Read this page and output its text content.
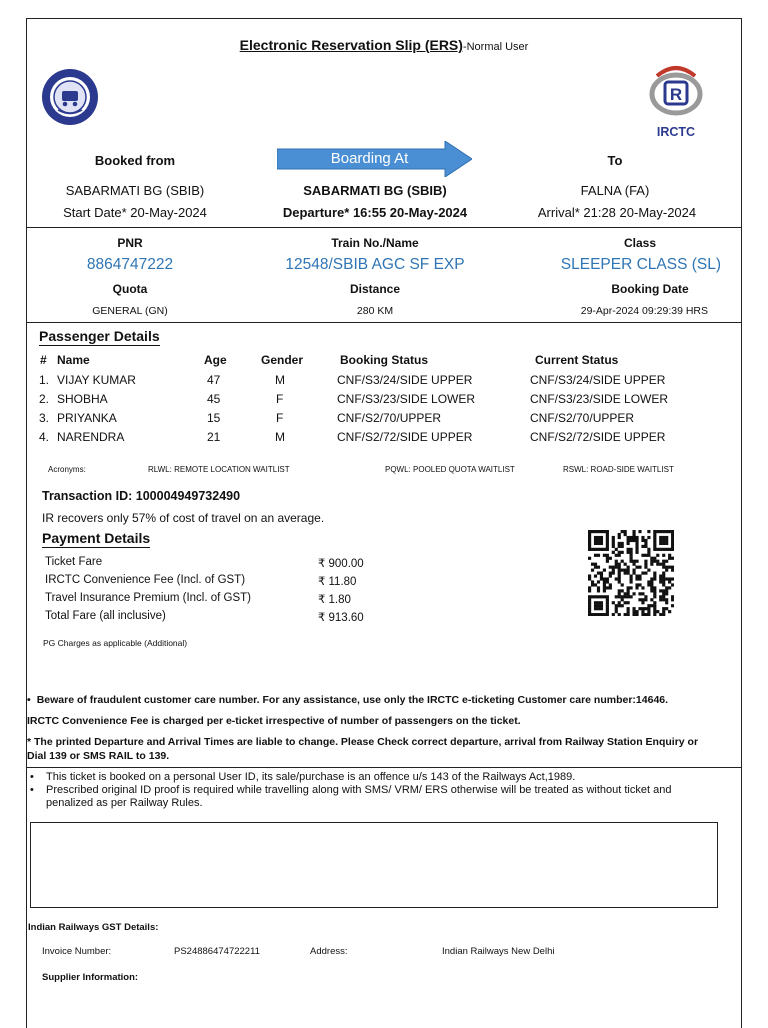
Electronic Reservation Slip (ERS)-Normal User
R
IRCTC
Booked from	Boarding At	To
SABARMATI BG (SBIB)	SABARMATI BG (SBIB)	FALNA (FA)
Start Date* 20-May-2024	Departure* 16:55 20-May-2024	Arrival* 21:28 20-May-2024
PNR	Train No./Name	Class
8864747222	12548/SBIB AGC SF EXP	SLEEPER CLASS (SL)
Quota	Distance	Booking Date
GENERAL (GN)	280 KM	29-Apr-2024 09:29:39 HRS
Passenger Details
# Name	Age	Gender	Booking Status	Current Status
1. VIJAY KUMAR	47	M	CNF/S3/24/SIDE UPPER	CNF/S3/24/SIDE UPPER
2. SHOBHA	45	F	CNF/S3/23/SIDE LOWER	CNF/S3/23/SIDE LOWER
3. PRIYANKA	15	F	CNF/S2/70/UPPER	CNF/S2/70/UPPER
4. NARENDRA	21	M	CNF/S2/72/SIDE UPPER	CNF/S2/72/SIDE UPPER
Acronyms:	RLWL: REMOTE LOCATION WAITLIST	PQWL: POOLED QUOTA WAITLIST	RSWL: ROAD-SIDE WAITLIST
Transaction ID: 100004949732490
IR recovers only 57% of cost of travel on an average.
Payment Details
Ticket Fare	₹ 900.00
IRCTC Convenience Fee (Incl. of GST)	₹ 11.80
Travel Insurance Premium (Incl. of GST)	₹ 1.80
Total Fare (all inclusive)	₹ 913.60
PG Charges as applicable (Additional)
• Beware of fraudulent customer care number. For any assistance, use only the IRCTC e-ticketing Customer care number:14646.
IRCTC Convenience Fee is charged per e-ticket irrespective of number of passengers on the ticket.
* The printed Departure and Arrival Times are liable to change. Please Check correct departure, arrival from Railway Station Enquiry or Dial 139 or SMS RAIL to 139.
•	This ticket is booked on a personal User ID, its sale/purchase is an offence u/s 143 of the Railways Act,1989.
•	Prescribed original ID proof is required while travelling along with SMS/ VRM/ ERS otherwise will be treated as without ticket and penalized as per Railway Rules.
Indian Railways GST Details:
Invoice Number:	PS24886474722211	Address:	Indian Railways New Delhi
Supplier Information:
